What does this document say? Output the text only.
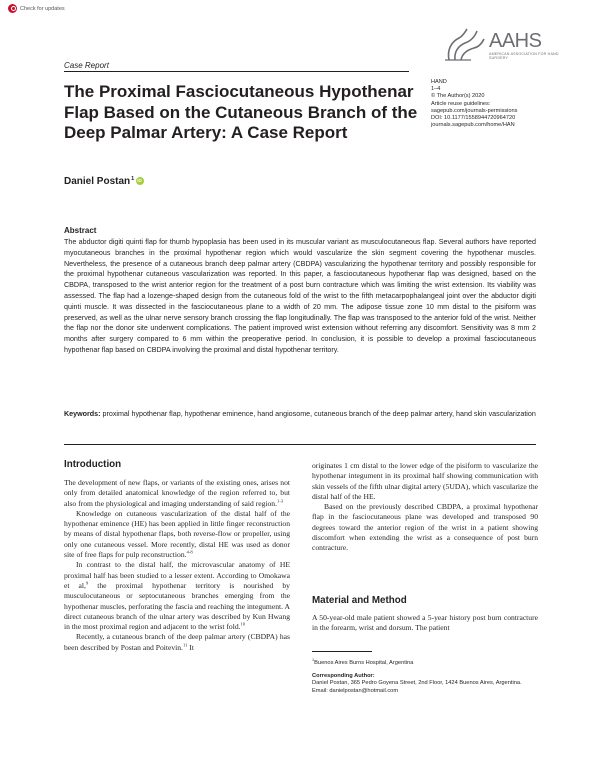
Check for updates
AAHS
AMERICAN ASSOCIATION FOR HAND SURGERY
Case Report
HAND
1–4
© The Author(s) 2020
Article reuse guidelines:
sagepub.com/journals-permissions
DOI: 10.1177/1558944720964720
journals.sagepub.com/home/HAN
The Proximal Fasciocutaneous Hypothenar Flap Based on the Cutaneous Branch of the Deep Palmar Artery: A Case Report
Daniel Postan$^1$
iD
Abstract
The abductor digiti quinti flap for thumb hypoplasia has been used in its muscular variant as musculocutaneous flap. Several authors have reported myocutaneous branches in the proximal hypothenar region which would vascularize the skin segment covering the hypothenar muscles. Nevertheless, the presence of a cutaneous branch deep palmar artery (CBDPA) vascularizing the hypothenar territory and possibly responsible for the proximal hypothenar cutaneous vascularization was reported. In this paper, a fasciocutaneous hypothenar flap was designed, based on the CBDPA, transposed to the wrist anterior region for the treatment of a post burn contracture which was limiting the wrist extension. Its viability was assessed. The flap had a lozenge-shaped design from the cutaneous fold of the wrist to the fifth metacarpophalangeal joint over the abductor digiti quinti muscle. It was dissected in the fasciocutaneous plane to a width of 20 mm. The adipose tissue zone 10 mm distal to the pisiform was preserved, as well as the ulnar nerve sensory branch crossing the flap longitudinally. The flap was transposed to the anterior fold of the wrist. Neither the flap nor the donor site underwent complications. The patient improved wrist extension without referring any discomfort. Sensitivity was 8 mm 2 months after surgery compared to 6 mm within the preoperative period. In conclusion, it is possible to develop a proximal fasciocutaneous hypothenar flap based on CBDPA involving the proximal and distal hypothenar territory.
Keywords: proximal hypothenar flap, hypothenar eminence, hand angiosome, cutaneous branch of the deep palmar artery, hand skin vascularization
Introduction

The development of new flaps, or variants of the existing ones, arises not only from detailed anatomical knowledge of the region referred to, but also from the physiological and imaging understanding of said region.$^{1-3}$

Knowledge on cutaneous vascularization of the distal half of the hypothenar eminence (HE) has been applied in little finger reconstruction by means of distal hypothenar flaps, both reverse-flow or propeller, using only one cutaneous vessel. More recently, distal HE was used as donor site of free flaps for pulp reconstruction.$^{4-8}$

In contrast to the distal half, the microvascular anatomy of HE proximal half has been studied to a lesser extent. According to Omokawa et al,$^9$ the proximal hypothenar territory is nourished by musculocutaneous or septocutaneous branches emerging from the hypothenar muscles, perforating the fascia and reaching the integument. A direct cutaneous branch of the ulnar artery was described by Kun Hwang in the most proximal region and adjacent to the wrist fold.$^{10}$

Recently, a cutaneous branch of the deep palmar artery (CBDPA) has been described by Postan and Poitevin.$^{11}$ It

originates 1 cm distal to the lower edge of the pisiform to vascularize the hypothenar integument in its proximal half showing communication with skin vessels of the fifth ulnar digital artery (5UDA), which vascularize the distal half of the HE.

Based on the previously described CBDPA, a proximal hypothenar flap in the fasciocutaneous plane was developed and transposed 90 degrees toward the anterior region of the wrist in a patient showing discomfort when extending the wrist as a consequence of post burn contracture.

Material and Method

A 50-year-old male patient showed a 5-year history post burn contracture in the forearm, wrist and dorsum. The patient

$^1$Buenos Aires Burns Hospital, Argentina
Corresponding Author:
Daniel Postan, 365 Pedro Goyena Street, 2nd Floor, 1424 Buenos Aires, Argentina.
Email: danielpostan@hotmail.com
